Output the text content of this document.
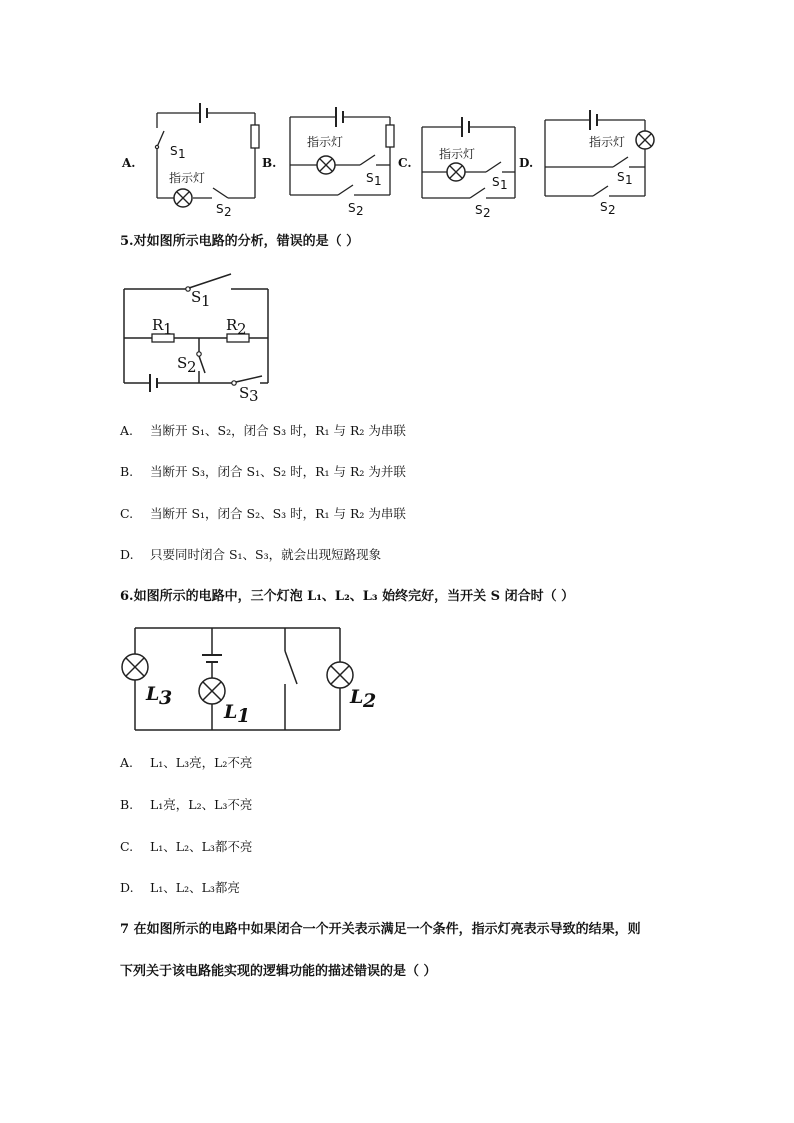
A.
S 1
指示灯
S 2
B.
指示灯
S 1
S 2
C.
指示灯
S 1
S 2
D.
指示灯
S 1
S 2
5.对如图所示电路的分析，错误的是（ ）
S 1
R 1	R 2
S 2
S 3
A. 当断开 S₁、S₂，闭合 S₃ 时，R₁ 与 R₂ 为串联
B. 当断开 S₃，闭合 S₁、S₂ 时，R₁ 与 R₂ 为并联
C. 当断开 S₁，闭合 S₂、S₃ 时，R₁ 与 R₂ 为串联
D. 只要同时闭合 S₁、S₃，就会出现短路现象
6.如图所示的电路中，三个灯泡 L₁、L₂、L₃ 始终完好，当开关 S 闭合时（ ）
L 3
L 1
L 2
A. L₁、L₃亮，L₂不亮
B. L₁亮，L₂、L₃不亮
C. L₁、L₂、L₃都不亮
D. L₁、L₂、L₃都亮
7 在如图所示的电路中如果闭合一个开关表示满足一个条件，指示灯亮表示导致的结果，则
下列关于该电路能实现的逻辑功能的描述错误的是（ ）
